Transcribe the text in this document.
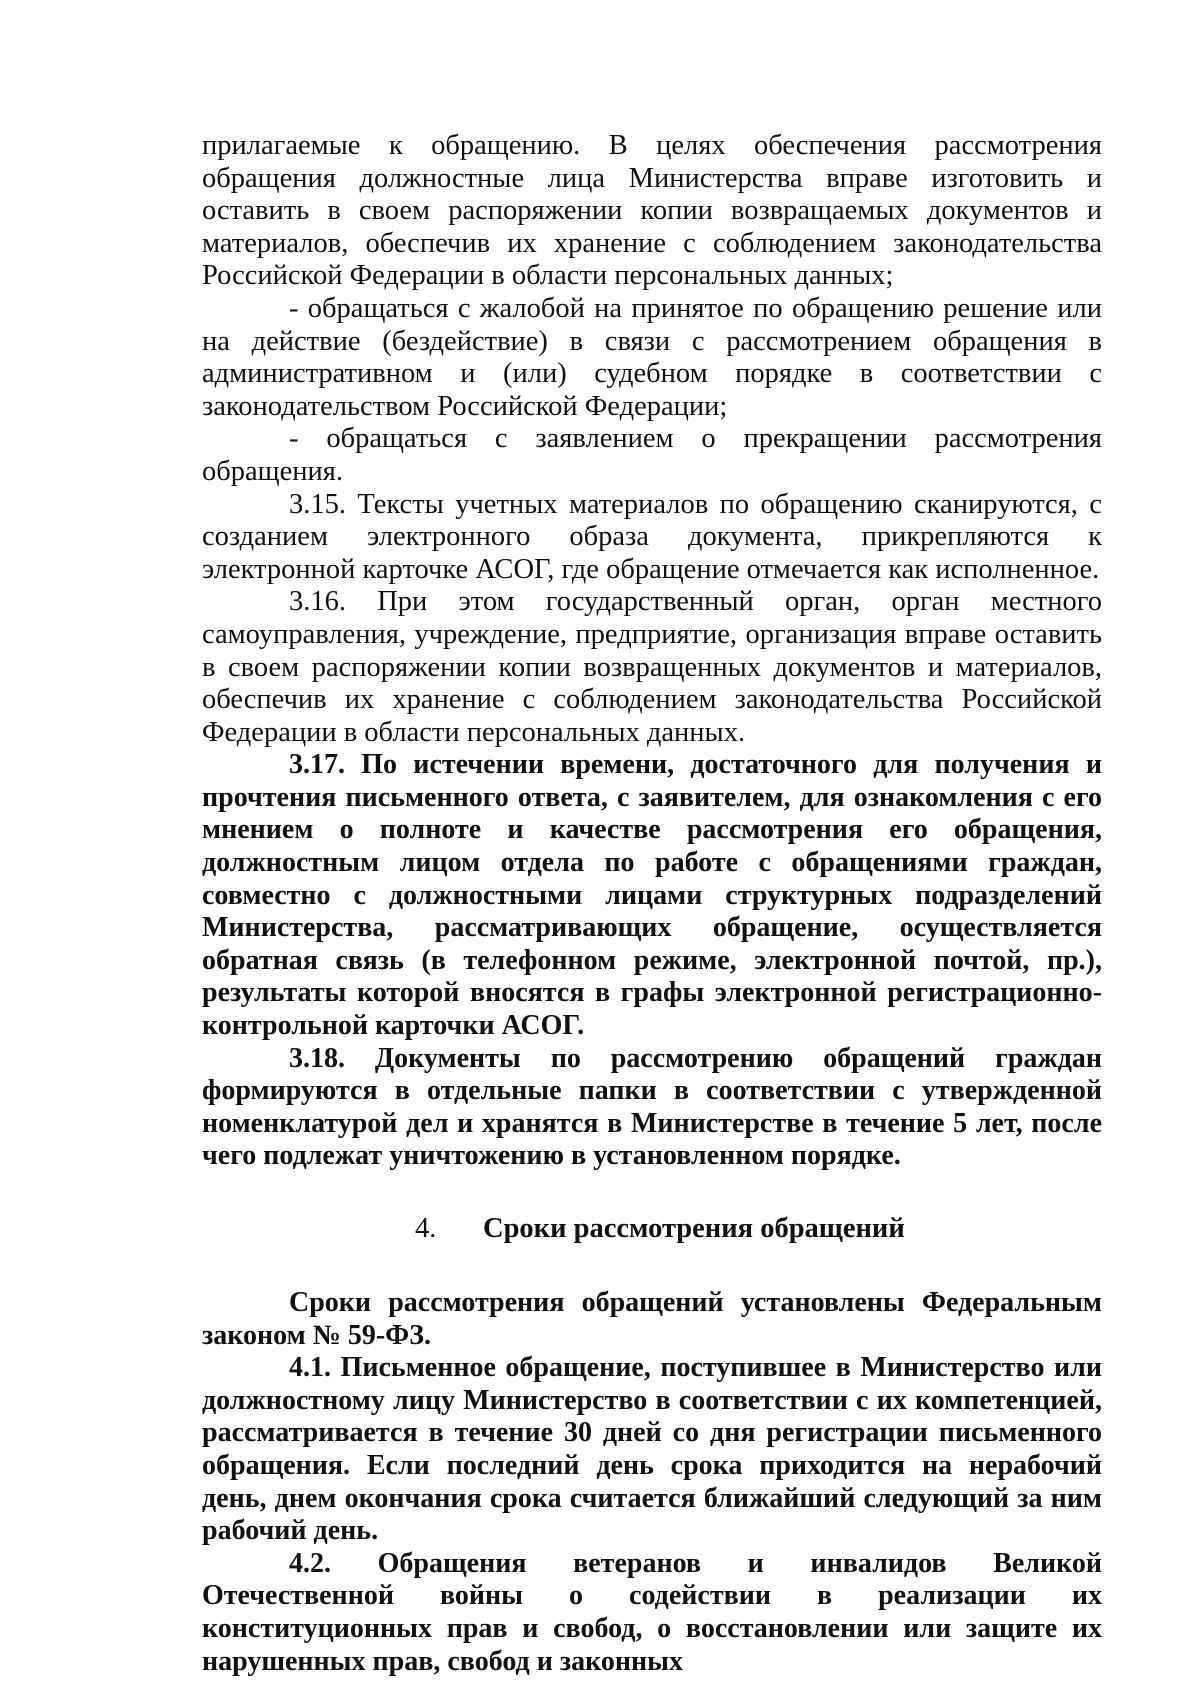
прилагаемые к обращению. В целях обеспечения рассмотрения обращения должностные лица Министерства вправе изготовить и оставить в своем распоряжении копии возвращаемых документов и материалов, обеспечив их хранение с соблюдением законодательства Российской Федерации в области персональных данных;

- обращаться с жалобой на принятое по обращению решение или на действие (бездействие) в связи с рассмотрением обращения в административном и (или) судебном порядке в соответствии с законодательством Российской Федерации;

- обращаться с заявлением о прекращении рассмотрения обращения.

3.15. Тексты учетных материалов по обращению сканируются, с созданием электронного образа документа, прикрепляются к электронной карточке АСОГ, где обращение отмечается как исполненное.

3.16. При этом государственный орган, орган местного самоуправления, учреждение, предприятие, организация вправе оставить в своем распоряжении копии возвращенных документов и материалов, обеспечив их хранение с соблюдением законодательства Российской Федерации в области персональных данных.

3.17. По истечении времени, достаточного для получения и прочтения письменного ответа, с заявителем, для ознакомления с его мнением о полноте и качестве рассмотрения его обращения, должностным лицом отдела по работе с обращениями граждан, совместно с должностными лицами структурных подразделений Министерства, рассматривающих обращение, осуществляется обратная связь (в телефонном режиме, электронной почтой, пр.), результаты которой вносятся в графы электронной регистрационно-контрольной карточки АСОГ.

3.18. Документы по рассмотрению обращений граждан формируются в отдельные папки в соответствии с утвержденной номенклатурой дел и хранятся в Министерстве в течение 5 лет, после чего подлежат уничтожению в установленном порядке.

4. Сроки рассмотрения обращений

Сроки рассмотрения обращений установлены Федеральным законом № 59-ФЗ.

4.1. Письменное обращение, поступившее в Министерство или должностному лицу Министерство в соответствии с их компетенцией, рассматривается в течение 30 дней со дня регистрации письменного обращения. Если последний день срока приходится на нерабочий день, днем окончания срока считается ближайший следующий за ним рабочий день.

4.2. Обращения ветеранов и инвалидов Великой Отечественной войны о содействии в реализации их конституционных прав и свобод, о восстановлении или защите их нарушенных прав, свобод и законных
